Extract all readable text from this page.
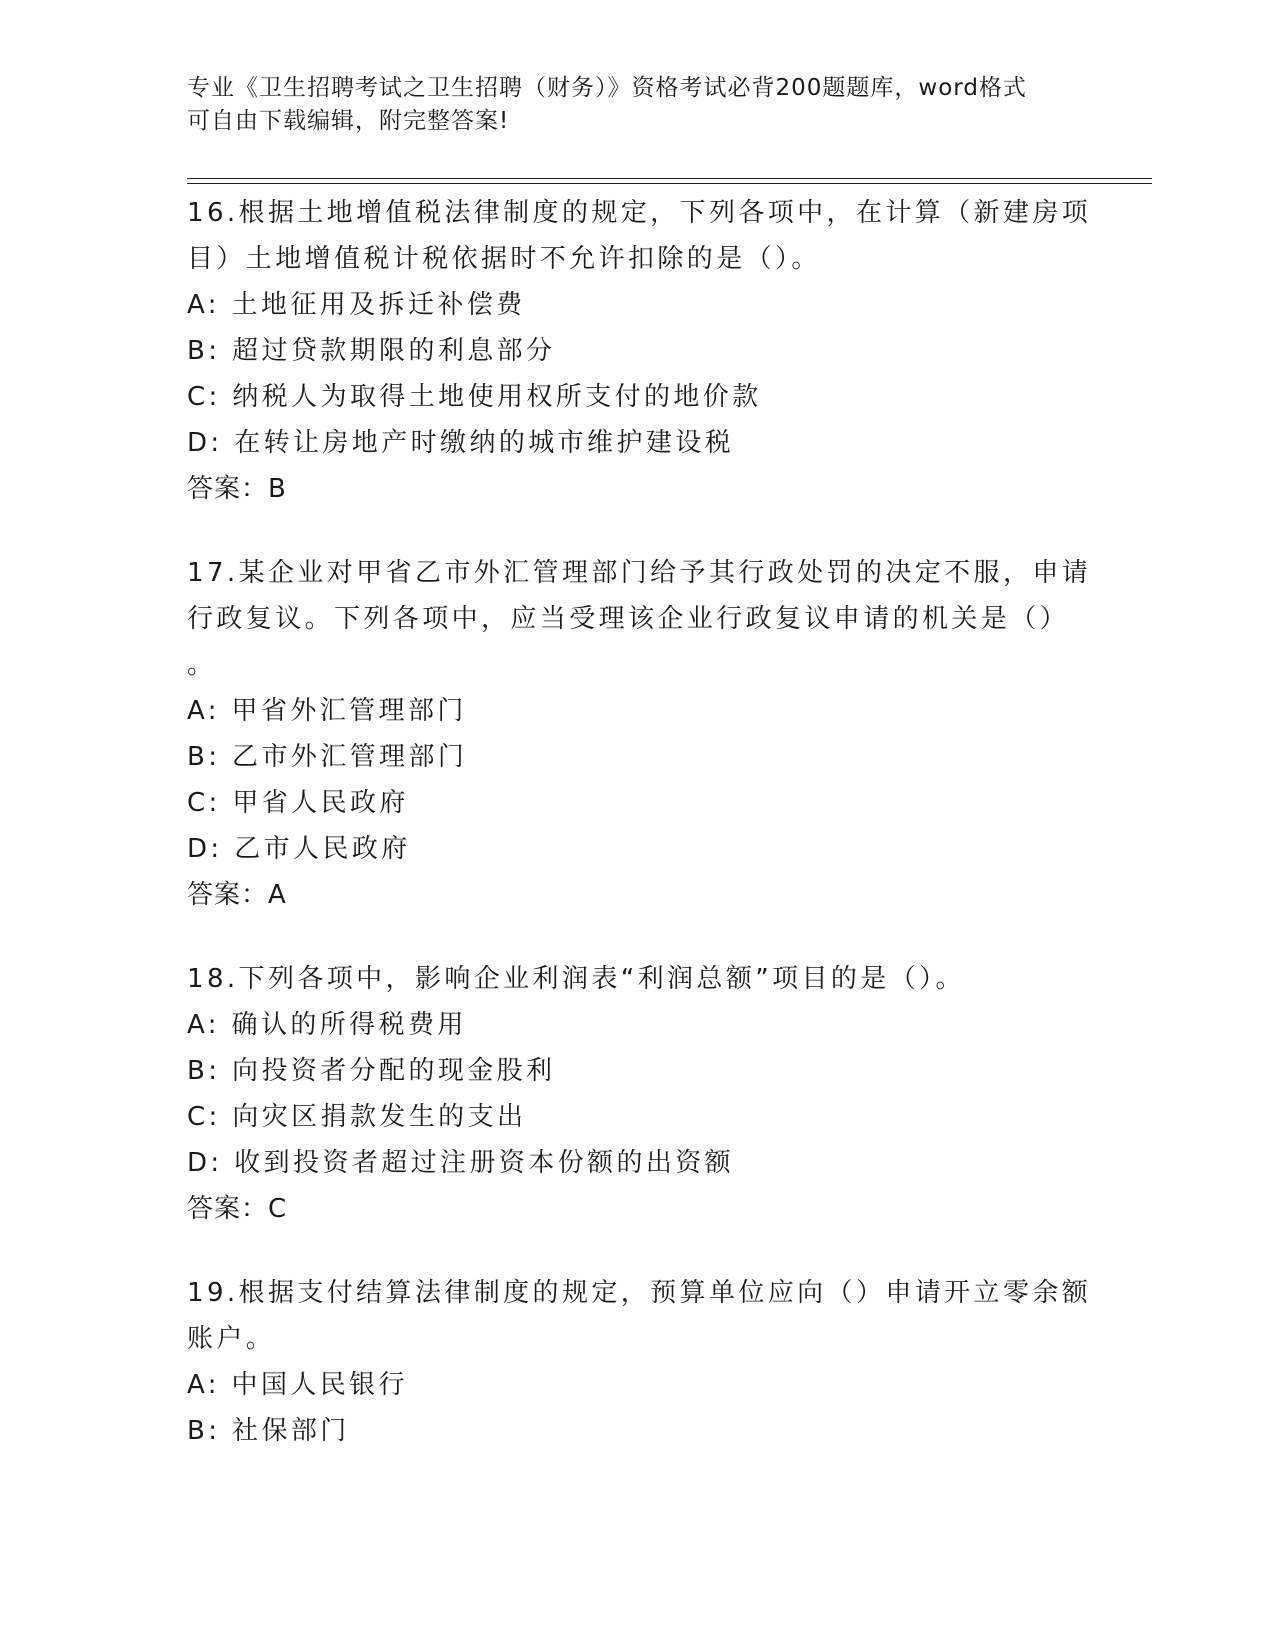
专业《卫生招聘考试之卫生招聘（财务）》资格考试必背200题题库，word格式
可自由下载编辑，附完整答案!
16.根据土地增值税法律制度的规定，下列各项中，在计算（新建房项
目）土地增值税计税依据时不允许扣除的是（）。
A: 土地征用及拆迁补偿费
B: 超过贷款期限的利息部分
C: 纳税人为取得土地使用权所支付的地价款
D: 在转让房地产时缴纳的城市维护建设税
答案：B
17.某企业对甲省乙市外汇管理部门给予其行政处罚的决定不服，申请
行政复议。下列各项中，应当受理该企业行政复议申请的机关是（）
。
A: 甲省外汇管理部门
B: 乙市外汇管理部门
C: 甲省人民政府
D: 乙市人民政府
答案：A
18.下列各项中，影响企业利润表“利润总额”项目的是（）。
A: 确认的所得税费用
B: 向投资者分配的现金股利
C: 向灾区捐款发生的支出
D: 收到投资者超过注册资本份额的出资额
答案：C
19.根据支付结算法律制度的规定，预算单位应向（）申请开立零余额
账户。
A: 中国人民银行
B: 社保部门
